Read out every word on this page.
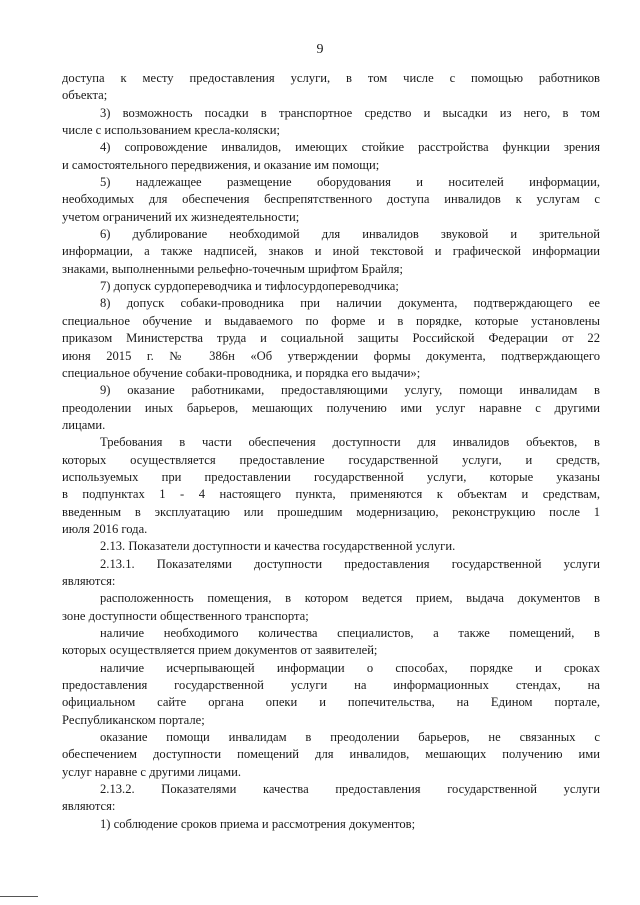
9
доступа к месту предоставления услуги, в том числе с помощью работников
объекта;
3) возможность посадки в транспортное средство и высадки из него, в том
числе с использованием кресла-коляски;
4) сопровождение инвалидов, имеющих стойкие расстройства функции зрения
и самостоятельного передвижения, и оказание им помощи;
5) надлежащее размещение оборудования и носителей информации,
необходимых для обеспечения беспрепятственного доступа инвалидов к услугам с
учетом ограничений их жизнедеятельности;
6) дублирование необходимой для инвалидов звуковой и зрительной
информации, а также надписей, знаков и иной текстовой и графической информации
знаками, выполненными рельефно-точечным шрифтом Брайля;
7) допуск сурдопереводчика и тифлосурдопереводчика;
8) допуск собаки-проводника при наличии документа, подтверждающего ее
специальное обучение и выдаваемого по форме и в порядке, которые установлены
приказом Министерства труда и социальной защиты Российской Федерации от 22
июня 2015 г. № 386н «Об утверждении формы документа, подтверждающего
специальное обучение собаки-проводника, и порядка его выдачи»;
9) оказание работниками, предоставляющими услугу, помощи инвалидам в
преодолении иных барьеров, мешающих получению ими услуг наравне с другими
лицами.
Требования в части обеспечения доступности для инвалидов объектов, в
которых осуществляется предоставление государственной услуги, и средств,
используемых при предоставлении государственной услуги, которые указаны
в подпунктах 1 - 4 настоящего пункта, применяются к объектам и средствам,
введенным в эксплуатацию или прошедшим модернизацию, реконструкцию после 1
июля 2016 года.
2.13. Показатели доступности и качества государственной услуги.
2.13.1. Показателями доступности предоставления государственной услуги
являются:
расположенность помещения, в котором ведется прием, выдача документов в
зоне доступности общественного транспорта;
наличие необходимого количества специалистов, а также помещений, в
которых осуществляется прием документов от заявителей;
наличие исчерпывающей информации о способах, порядке и сроках
предоставления государственной услуги на информационных стендах, на
официальном сайте органа опеки и попечительства, на Едином портале,
Республиканском портале;
оказание помощи инвалидам в преодолении барьеров, не связанных с
обеспечением доступности помещений для инвалидов, мешающих получению ими
услуг наравне с другими лицами.
2.13.2. Показателями качества предоставления государственной услуги
являются:
1) соблюдение сроков приема и рассмотрения документов;
